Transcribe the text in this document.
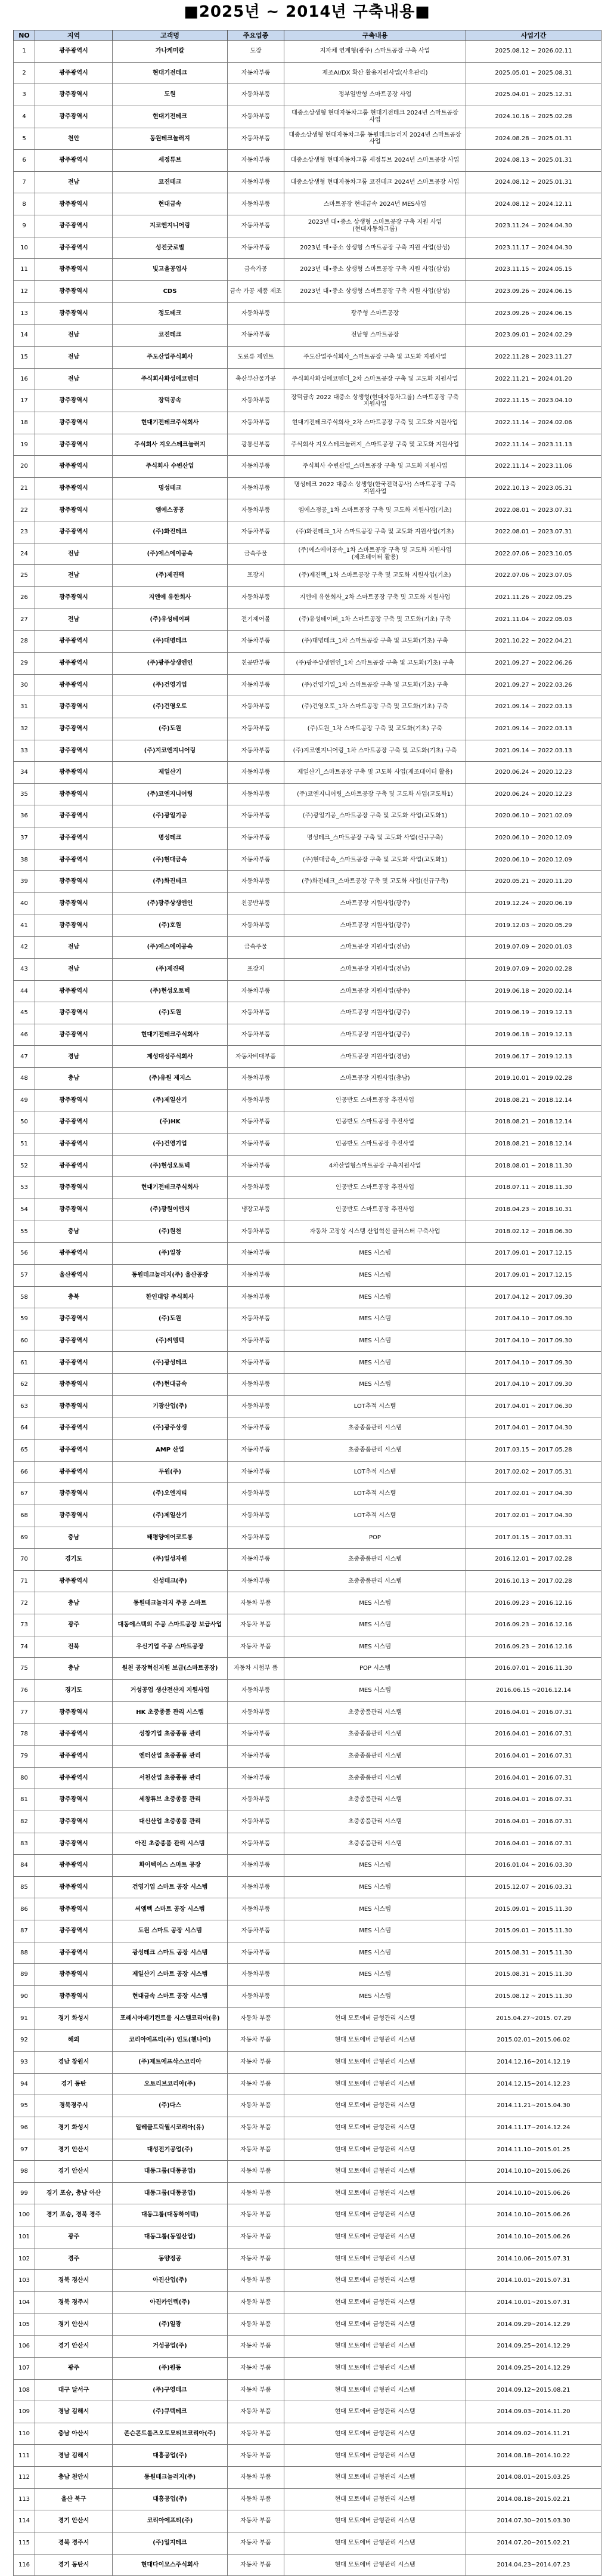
■2025년 ~ 2014년 구축내용■
NO	지역	고객명	주요업종	구축내용	사업기간
1	광주광역시	가나케미칼	도장	지자체 연계형(광주) 스마트공장 구축 사업	2025.08.12 ~ 2026.02.11
2	광주광역시	현대기전테크	자동차부품	제조AI/DX 확산 활용지원사업(사후관리)	2025.05.01 ~ 2025.08.31
3	광주광역시	도원	자동차부품	정부일반형 스마트공장 사업	2025.04.01 ~ 2025.12.31
4	광주광역시	현대기전테크	자동차부품	대중소상생형 현대자동차그룹 현대기전테크 2024년 스마트공장 사업	2024.10.16 ~ 2025.02.28
5	천안	동원테크놀러지	자동차부품	대중소상생형 현대자동차그룹 동원테크놀러지 2024년 스마트공장 사업	2024.08.28 ~ 2025.01.31
6	광주광역시	세정튜브	자동차부품	대중소상생형 현대자동차그룹 세정튜브 2024년 스마트공장 사업	2024.08.13 ~ 2025.01.31
7	전남	코진테크	자동차부품	대중소상생형 현대자동차그룹 코진테크 2024년 스마트공장 사업	2024.08.12 ~ 2025.01.31
8	광주광역시	현대금속	자동차부품	스마트공장 현대금속 2024년 MES사업	2024.08.12 ~ 2024.12.11
9	광주광역시	지코엔지니어링	자동차부품	2023년 대•중소 상생형 스마트공장 구축 지원 사업(현대자동차그룹)	2023.11.24 ~ 2024.04.30
10	광주광역시	성진굿로벌	자동차부품	2023년 대•중소 상생형 스마트공장 구축 지원 사업(삼성)	2023.11.17 ~ 2024.04.30
11	광주광역시	빛고을공업사	금속가공	2023년 대•중소 상생형 스마트공장 구축 지원 사업(삼성)	2023.11.15 ~ 2024.05.15
12	광주광역시	CDS	금속 가공 제품 제조	2023년 대•중소 상생형 스마트공장 구축 지원 사업(삼성)	2023.09.26 ~ 2024.06.15
13	광주광역시	정도테크	자동차부품	광주형 스마트공장	2023.09.26 ~ 2024.06.15
14	전남	코진테크	자동차부품	전남형 스마트공장	2023.09.01 ~ 2024.02.29
15	전남	주도산업주식회사	도료류 제인트	주도산업주식회사_스마트공장 구축 및 고도화 지원사업	2022.11.28 ~ 2023.11.27
16	전남	주식회사화성에코텐더	축산부산물가공	주식회사화성에코텐더_2차 스마트공장 구축 및 고도화 지원사업	2022.11.21 ~ 2024.01.20
17	광주광역시	장덕공속	자동차부품	장덕금속 2022 대중소 상생형(현대자동차그룹) 스마트공장 구축 지원사업	2022.11.15 ~ 2023.04.10
18	광주광역시	현대기전테크주식회사	자동차부품	현대기전테크주식회사_2차 스마트공장 구축 및 고도화 지원사업	2022.11.14 ~ 2024.02.06
19	광주광역시	주식회사 지오스테크놀러지	광통신부품	주식회사 지오스테크놀러지_스마트공장 구축 및 고도화 지원사업	2022.11.14 ~ 2023.11.13
20	광주광역시	주식회사 수변산업	자동차부품	주식회사 수변산업_스마트공장 구축 및 고도화 지원사업	2022.11.14 ~ 2023.11.06
21	광주광역시	명성테크	자동차부품	명성테크 2022 대중소 상생형(한국전력공사) 스마트공장 구축 지원사업	2022.10.13 ~ 2023.05.31
22	광주광역시	엠에스공공	자동차부품	엠에스정공_1차 스마트공장 구축 및 고도화 지원사업(기초)	2022.08.01 ~ 2023.07.31
23	광주광역시	(주)화진테크	자동차부품	(주)화진테크_1차 스마트공장 구축 및 고도화 지원사업(기초)	2022.08.01 ~ 2023.07.31
24	전남	(주)에스에이공속	금속주물	(주)에스에이공속_1차 스마트공장 구축 및 고도화 지원사업(제조데이터 활용)	2022.07.06 ~ 2023.10.05
25	전남	(주)제진팩	포장지	(주)제진팩_1차 스마트공장 구축 및 고도화 지원사업(기초)	2022.07.06 ~ 2023.07.05
26	광주광역시	지엔에 유한회사	자동차부품	지엔에 유한회사_2차 스마트공장 구축 및 고도화 지원사업	2021.11.26 ~ 2022.05.25
27	전남	(주)유성테이퍼	전기제어볼	(주)유성테이퍼_1차 스마트공장 구축 및 고도화(기초) 구축	2021.11.04 ~ 2022.05.03
28	광주광역시	(주)대명테크	자동차부품	(주)대명테크_1차 스마트공장 구축 및 고도화(기초) 구축	2021.10.22 ~ 2022.04.21
29	광주광역시	(주)광주상생엔인	친공반부품	(주)광주상생엔인_1차 스마트공장 구축 및 고도화(기초) 구축	2021.09.27 ~ 2022.06.26
30	광주광역시	(주)건영기업	자동차부품	(주)건영기업_1차 스마트공장 구축 및 고도화(기초) 구축	2021.09.27 ~ 2022.03.26
31	광주광역시	(주)건영오토	자동차부품	(주)건영오토_1차 스마트공장 구축 및 고도화(기초) 구축	2021.09.14 ~ 2022.03.13
32	광주광역시	(주)도원	자동차부품	(주)도원_1차 스마트공장 구축 및 고도화(기초) 구축	2021.09.14 ~ 2022.03.13
33	광주광역시	(주)지코엔지니어링	자동차부품	(주)지코엔지니어링_1차 스마트공장 구축 및 고도화(기초) 구축	2021.09.14 ~ 2022.03.13
34	광주광역시	제일산기	자동차부품	제일산기_스마트공장 구축 및 고도화 사업(제조데이터 활용)	2020.06.24 ~ 2020.12.23
35	광주광역시	(주)코엔지니어링	자동차부품	(주)코엔지니어링_스마트공장 구축 및 고도화 사업(고도화1)	2020.06.24 ~ 2020.12.23
36	광주광역시	(주)광일기공	자동차부품	(주)광일기공_스마트공장 구축 및 고도화 사업(고도화1)	2020.06.10 ~ 2021.02.09
37	광주광역시	명성테크	자동차부품	명성테크_스마트공장 구축 및 고도화 사업(신규구축)	2020.06.10 ~ 2020.12.09
38	광주광역시	(주)현대금속	자동차부품	(주)현대금속_스마트공장 구축 및 고도화 사업(고도화1)	2020.06.10 ~ 2020.12.09
39	광주광역시	(주)화진테크	자동차부품	(주)화진테크_스마트공장 구축 및 고도화 사업(신규구축)	2020.05.21 ~ 2020.11.20
40	광주광역시	(주)광주상생엔인	친공반부품	스마트공장 지원사업(광주)	2019.12.24 ~ 2020.06.19
41	광주광역시	(주)호원	자동차부품	스마트공장 지원사업(광주)	2019.12.03 ~ 2020.05.29
42	전남	(주)에스에이공속	금속주물	스마트공장 지원사업(전남)	2019.07.09 ~ 2020.01.03
43	전남	(주)제진팩	포장지	스마트공장 지원사업(전남)	2019.07.09 ~ 2020.02.28
44	광주광역시	(주)현성오토텍	자동차부품	스마트공장 지원사업(광주)	2019.06.18 ~ 2020.02.14
45	광주광역시	(주)도원	자동차부품	스마트공장 지원사업(광주)	2019.06.19 ~ 2019.12.13
46	광주광역시	현대기전테크주식회사	자동차부품	스마트공장 지원사업(광주)	2019.06.18 ~ 2019.12.13
47	경남	제성대성주식회사	자동차비대부품	스마트공장 지원사업(경남)	2019.06.17 ~ 2019.12.13
48	충남	(주)유원 제지스	자동차부품	스마트공장 지원사업(충남)	2019.10.01 ~ 2019.02.28
49	광주광역시	(주)제일산기	자동차부품	인공반도 스마트공장 추진사업	2018.08.21 ~ 2018.12.14
50	광주광역시	(주)HK	자동차부품	인공반도 스마트공장 추진사업	2018.08.21 ~ 2018.12.14
51	광주광역시	(주)건영기업	자동차부품	인공반도 스마트공장 추진사업	2018.08.21 ~ 2018.12.14
52	광주광역시	(주)현성오토텍	자동차부품	4차산업형스마트공장 구축지원사업	2018.08.01 ~ 2018.11.30
53	광주광역시	현대기전테크주식회사	자동차부품	인공반도 스마트공장 추진사업	2018.07.11 ~ 2018.11.30
54	광주광역시	(주)광원이엔지	냉장고부품	인공반도 스마트공장 추진사업	2018.04.23 ~ 2018.10.31
55	충남	(주)원천	자동차부품	자동차 고장상 시스템 산업혁신 클러스터 구축사업	2018.02.12 ~ 2018.06.30
56	광주광역시	(주)일창	자동차부품	MES 시스템	2017.09.01 ~ 2017.12.15
57	울산광역시	동원테크놀러지(주) 울산공장	자동차부품	MES 시스템	2017.09.01 ~ 2017.12.15
58	충북	한인대양 주식회사	자동차부품	MES 시스템	2017.04.12 ~ 2017.09.30
59	광주광역시	(주)도원	자동차부품	MES 시스템	2017.04.10 ~ 2017.09.30
60	광주광역시	(주)씨엠텍	자동차부품	MES 시스템	2017.04.10 ~ 2017.09.30
61	광주광역시	(주)광성테크	자동차부품	MES 시스템	2017.04.10 ~ 2017.09.30
62	광주광역시	(주)현대금속	자동차부품	MES 시스템	2017.04.10 ~ 2017.09.30
63	광주광역시	기광산업(주)	자동차부품	LOT추적 시스템	2017.04.01 ~ 2017.06.30
64	광주광역시	(주)광주상생	자동차부품	초중종품관리 시스템	2017.04.01 ~ 2017.04.30
65	광주광역시	AMP 산업	자동차부품	초중종품관리 시스템	2017.03.15 ~ 2017.05.28
66	광주광역시	두원(주)	자동차부품	LOT추적 시스템	2017.02.02 ~ 2017.05.31
67	광주광역시	(주)오엔지티	자동차부품	LOT추적 시스템	2017.02.01 ~ 2017.04.30
68	광주광역시	(주)제일산기	자동차부품	LOT추적 시스템	2017.02.01 ~ 2017.04.30
69	충남	태평양에어코트롱	자동차부품	POP	2017.01.15 ~ 2017.03.31
70	경기도	(주)일성자원	자동차부품	초중종품관리 시스템	2016.12.01 ~ 2017.02.28
71	광주광역시	신성테크(주)	자동차부품	초중종품관리 시스템	2016.10.13 ~ 2017.02.28
72	충남	동원테크놀러지 주공 스마트	자동차 부품	MES 시스템	2016.09.23 ~ 2016.12.16
73	광주	대동에스텍의 주공 스마트공장 보급사업	자동차 부품	MES 시스템	2016.09.23 ~ 2016.12.16
74	전북	우신기업 주공 스마트공장	자동차 부품	MES 시스템	2016.09.23 ~ 2016.12.16
75	충남	원천 공장혁신지원 보급(스마트공장)	자동차 시험부 품	POP 시스템	2016.07.01 ~ 2016.11.30
76	경기도	거성공업 생산전산지 지원사업	자동차부품	MES 시스템	2016.06.15 ~2016.12.14
77	광주광역시	HK 초중종품 관리 시스템	자동차부품	초중종품관리 시스템	2016.04.01 ~ 2016.07.31
78	광주광역시	성창기업 초중종품 관리	자동차부품	초중종품관리 시스템	2016.04.01 ~ 2016.07.31
79	광주광역시	엔터산업 초중종품 관리	자동차부품	초중종품관리 시스템	2016.04.01 ~ 2016.07.31
80	광주광역시	서천산업 초중종품 관리	자동차부품	초중종품관리 시스템	2016.04.01 ~ 2016.07.31
81	광주광역시	세창튜브 초중종품 관리	자동차부품	초중종품관리 시스템	2016.04.01 ~ 2016.07.31
82	광주광역시	대신산업 초중종품 관리	자동차부품	초중종품관리 시스템	2016.04.01 ~ 2016.07.31
83	광주광역시	아진 초중종품 관리 시스템	자동차부품	초중종품관리 시스템	2016.04.01 ~ 2016.07.31
84	광주광역시	화이텍이스 스마트 공장	자동차부품	MES 시스템	2016.01.04 ~ 2016.03.30
85	광주광역시	건영기업 스마트 공장 시스템	자동차부품	MES 시스템	2015.12.07 ~ 2016.03.31
86	광주광역시	씨엠텍 스마트 공장 시스템	자동차부품	MES 시스템	2015.09.01 ~ 2015.11.30
87	광주광역시	도원 스마트 공장 시스템	자동차부품	MES 시스템	2015.09.01 ~ 2015.11.30
88	광주광역시	광성테크 스마트 공장 시스템	자동차부품	MES 시스템	2015.08.31 ~ 2015.11.30
89	광주광역시	제일산기 스마트 공장 시스템	자동차부품	MES 시스템	2015.08.31 ~ 2015.11.30
90	광주광역시	현대금속 스마트 공장 시스템	자동차부품	MES 시스템	2015.08.12 ~ 2015.11.30
91	경기 화성시	포레시아배기컨트롤 시스템코리아(유)	자동차 부품	현대 모토에버 금형관리 시스템	2015.04.27~2015. 07.29
92	해외	코리아에프티(주) 인도(첸나이)	자동차 부품	현대 모토에버 금형관리 시스템	2015.02.01~2015.06.02
93	경남 창원시	(주)제트에프삭스코리아	자동차 부품	현대 모토에버 금형관리 시스템	2014.12.16~2014.12.19
94	경기 동탄	오토리브코리아(주)	자동차 부품	현대 모토에버 금형관리 시스템	2014.12.15~2014.12.23
95	경북경주시	(주)다스	자동차 부품	현대 모토에버 금형관리 시스템	2014.11.21~2015.04.30
96	경기 화성시	일레클트릭월시코리아(유)	자동차 부품	현대 모토에버 금형관리 시스템	2014.11.17~2014.12.24
97	경기 안산시	대성전기공업(주)	자동차 부품	현대 모토에버 금형관리 시스템	2014.11.10~2015.01.25
98	경기 안산시	대동그룹(대동공업)	자동차 부품	현대 모토에버 금형관리 시스템	2014.10.10~2015.06.26
99	경기 포승, 충남 아산	대동그룹(대동공업)	자동차 부품	현대 모토에버 금형관리 시스템	2014.10.10~2015.06.26
100	경기 포승, 경북 경주	대동그룹(대동하이텍)	자동차 부품	현대 모토에버 금형관리 시스템	2014.10.10~2015.06.26
101	광주	대동그룹(동일산업)	자동차 부품	현대 모토에버 금형관리 시스템	2014.10.10~2015.06.26
102	경주	동양정공	자동차 부품	현대 모토에버 금형관리 시스템	2014.10.06~2015.07.31
103	경북 경산시	아진산업(주)	자동차 부품	현대 모토에버 금형관리 시스템	2014.10.01~2015.07.31
104	경북 경주시	아진카인텍(주)	자동차 부품	현대 모토에버 금형관리 시스템	2014.10.01~2015.07.31
105	경기 안산시	(주)일광	자동차 부품	현대 모토에버 금형관리 시스템	2014.09.29~2014.12.29
106	경기 안산시	거성공업(주)	자동차 부품	현대 모토에버 금형관리 시스템	2014.09.25~2014.12.29
107	광주	(주)원동	자동차 부품	현대 모토에버 금형관리 시스템	2014.09.25~2014.12.29
108	대구 달서구	(주)구영테크	자동차 부품	현대 모토에버 금형관리 시스템	2014.09.12~2015.08.21
109	경남 김해시	(주)큐텍테크	자동차 부품	현대 모토에버 금형관리 시스템	2014.09.03~2014.11.20
110	충남 아산시	존슨콘트롤즈오토모티브코리아(주)	자동차 부품	현대 모토에버 금형관리 시스템	2014.09.02~2014.11.21
111	경남 김해시	대흥공업(주)	자동차 부품	현대 모토에버 금형관리 시스템	2014.08.18~2014.10.22
112	충남 천안시	동원테크놀러지(주)	자동차 부품	현대 모토에버 금형관리 시스템	2014.08.01~2015.03.25
113	울산 북구	대흥공업(주)	자동차 부품	현대 모토에버 금형관리 시스템	2014.08.18~2015.02.21
114	경기 안산시	코리아에프티(주)	자동차 부품	현대 모토에버 금형관리 시스템	2014.07.30~2015.03.30
115	경북 경주시	(주)일지테크	자동차 부품	현대 모토에버 금형관리 시스템	2014.07.20~2015.02.21
116	경기 동탄시	현대다이모스주식회사	자동차 부품	현대 모토에버 금형관리 시스템	2014.04.23~2014.07.23
